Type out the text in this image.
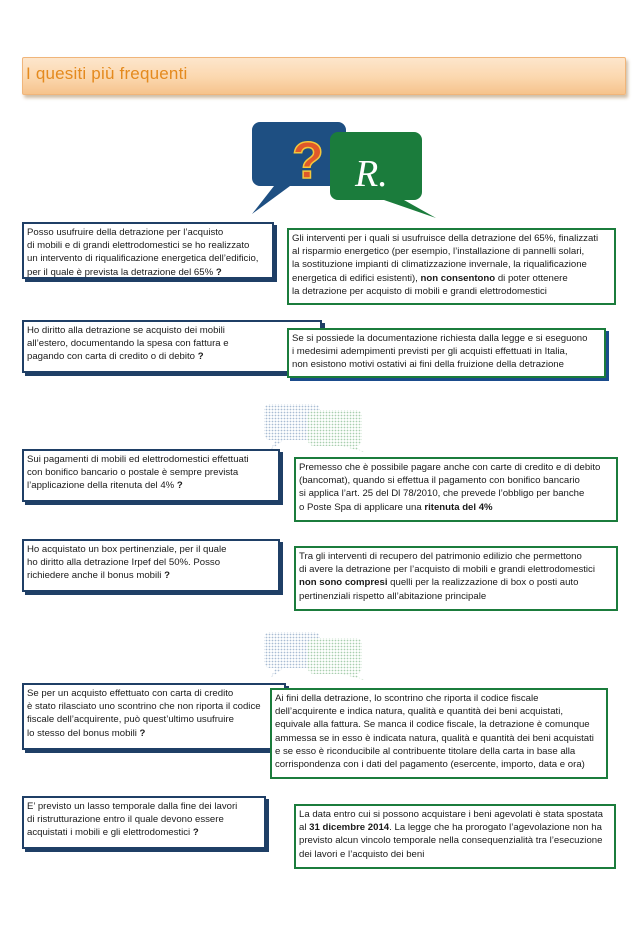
I quesiti più frequenti
? R.

Posso usufruire della detrazione per l’acquisto

di mobili e di grandi elettrodomestici se ho realizzato

un intervento di riqualificazione energetica dell’edificio,

per il quale è prevista la detrazione del 65% ?

Gli interventi per i quali si usufruisce della detrazione del 65%, finalizzati

al risparmio energetico (per esempio, l’installazione di pannelli solari,

la sostituzione impianti di climatizzazione invernale, la riqualificazione

energetica di edifici esistenti), non consentono di poter ottenere

la detrazione per acquisto di mobili e grandi elettrodomestici

Ho diritto alla detrazione se acquisto dei mobili

all’estero, documentando la spesa con fattura e

pagando con carta di credito o di debito ?

Se si possiede la documentazione richiesta dalla legge e si eseguono

i medesimi adempimenti previsti per gli acquisti effettuati in Italia,

non esistono motivi ostativi ai fini della fruizione della detrazione

Sui pagamenti di mobili ed elettrodomestici effettuati

con bonifico bancario o postale è sempre prevista

l’applicazione della ritenuta del 4% ?

Premesso che è possibile pagare anche con carte di credito e di debito

(bancomat), quando si effettua il pagamento con bonifico bancario

si applica l’art. 25 del Dl 78/2010, che prevede l’obbligo per banche

o Poste Spa di applicare una ritenuta del 4%

Ho acquistato un box pertinenziale, per il quale

ho diritto alla detrazione Irpef del 50%. Posso

richiedere anche il bonus mobili ?

Tra gli interventi di recupero del patrimonio edilizio che permettono

di avere la detrazione per l’acquisto di mobili e grandi elettrodomestici

non sono compresi quelli per la realizzazione di box o posti auto

pertinenziali rispetto all’abitazione principale

Se per un acquisto effettuato con carta di credito

è stato rilasciato uno scontrino che non riporta il codice

fiscale dell’acquirente, può quest’ultimo usufruire

lo stesso del bonus mobili ?

Ai fini della detrazione, lo scontrino che riporta il codice fiscale

dell’acquirente e indica natura, qualità e quantità dei beni acquistati,

equivale alla fattura. Se manca il codice fiscale, la detrazione è comunque

ammessa se in esso è indicata natura, qualità e quantità dei beni acquistati

e se esso è riconducibile al contribuente titolare della carta in base alla

corrispondenza con i dati del pagamento (esercente, importo, data e ora)

E’ previsto un lasso temporale dalla fine dei lavori

di ristrutturazione entro il quale devono essere

acquistati i mobili e gli elettrodomestici ?

La data entro cui si possono acquistare i beni agevolati è stata spostata

al 31 dicembre 2014. La legge che ha prorogato l’agevolazione non ha

previsto alcun vincolo temporale nella consequenzialità tra l’esecuzione

dei lavori e l’acquisto dei beni
